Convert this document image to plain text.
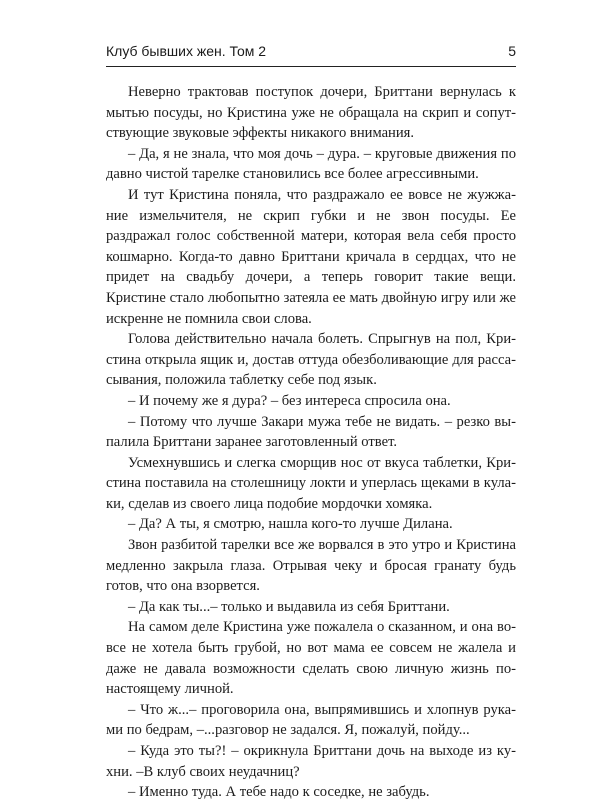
Клуб бывших жен. Том 2	5

Неверно трактовав поступок дочери, Бриттани вернулась к мытью посуды, но Кристина уже не обращала на скрип и сопутствующие звуковые эффекты никакого внимания.

– Да, я не знала, что моя дочь – дура. – круговые движения по давно чистой тарелке становились все более агрессивными.

И тут Кристина поняла, что раздражало ее вовсе не жужжание измельчителя, не скрип губки и не звон посуды. Ее раздражал голос собственной матери, которая вела себя просто кошмарно. Когда-то давно Бриттани кричала в сердцах, что не придет на свадьбу дочери, а теперь говорит такие вещи. Кристине стало любопытно затеяла ее мать двойную игру или же искренне не помнила свои слова.

Голова действительно начала болеть. Спрыгнув на пол, Кристина открыла ящик и, достав оттуда обезболивающие для рассасывания, положила таблетку себе под язык.

– И почему же я дура? – без интереса спросила она.

– Потому что лучше Закари мужа тебе не видать. – резко выпалила Бриттани заранее заготовленный ответ.

Усмехнувшись и слегка сморщив нос от вкуса таблетки, Кристина поставила на столешницу локти и уперлась щеками в кулаки, сделав из своего лица подобие мордочки хомяка.

– Да? А ты, я смотрю, нашла кого-то лучше Дилана.

Звон разбитой тарелки все же ворвался в это утро и Кристина медленно закрыла глаза. Отрывая чеку и бросая гранату будь готов, что она взорвется.

– Да как ты...– только и выдавила из себя Бриттани.

На самом деле Кристина уже пожалела о сказанном, и она вовсе не хотела быть грубой, но вот мама ее совсем не жалела и даже не давала возможности сделать свою личную жизнь по-настоящему личной.

– Что ж...– проговорила она, выпрямившись и хлопнув руками по бедрам, –...разговор не задался. Я, пожалуй, пойду...

– Куда это ты?! – окрикнула Бриттани дочь на выходе из кухни. –В клуб своих неудачниц?

– Именно туда. А тебе надо к соседке, не забудь.
